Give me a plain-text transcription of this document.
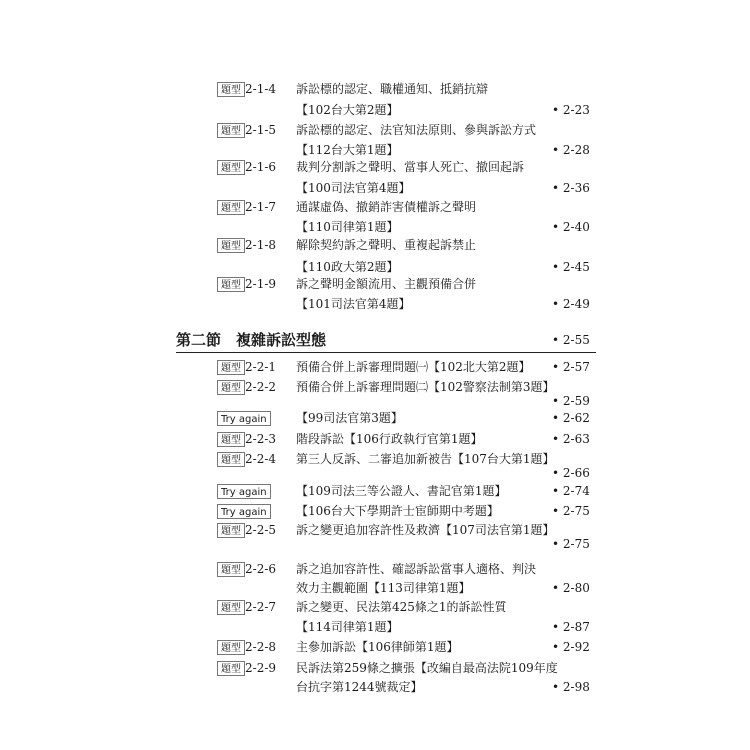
題型 2-1-4 訴訟標的認定、職權通知、抵銷抗辯
【102台大第2題】	• 2-23
題型 2-1-5 訴訟標的認定、法官知法原則、參與訴訟方式
【112台大第1題】	• 2-28
題型 2-1-6 裁判分割訴之聲明、當事人死亡、撤回起訴
【100司法官第4題】	• 2-36
題型 2-1-7 通謀虛偽、撤銷詐害債權訴之聲明
【110司律第1題】	• 2-40
題型 2-1-8 解除契約訴之聲明、重複起訴禁止
【110政大第2題】	• 2-45
題型 2-1-9 訴之聲明金額流用、主觀預備合併
【101司法官第4題】	• 2-49
第二節　複雜訴訟型態	• 2-55
題型 2-2-1 預備合併上訴審理問題㈠【102北大第2題】 • 2-57
題型 2-2-2 預備合併上訴審理問題㈡【102警察法制第3題】
• 2-59
Try again	【99司法官第3題】	• 2-62
題型 2-2-3 階段訴訟【106行政執行官第1題】	• 2-63
題型 2-2-4 第三人反訴、二審追加新被告【107台大第1題】
• 2-66
Try again	【109司法三等公證人、書記官第1題】	• 2-74
Try again	【106台大下學期許士宦師期中考題】	• 2-75
題型 2-2-5 訴之變更追加容許性及救濟【107司法官第1題】
• 2-75
題型 2-2-6 訴之追加容許性、確認訴訟當事人適格、判決
效力主觀範圍【113司律第1題】	• 2-80
題型 2-2-7 訴之變更、民法第425條之1的訴訟性質
【114司律第1題】	• 2-87
題型 2-2-8 主參加訴訟【106律師第1題】	• 2-92
題型 2-2-9 民訴法第259條之擴張【改編自最高法院109年度
台抗字第1244號裁定】	• 2-98
